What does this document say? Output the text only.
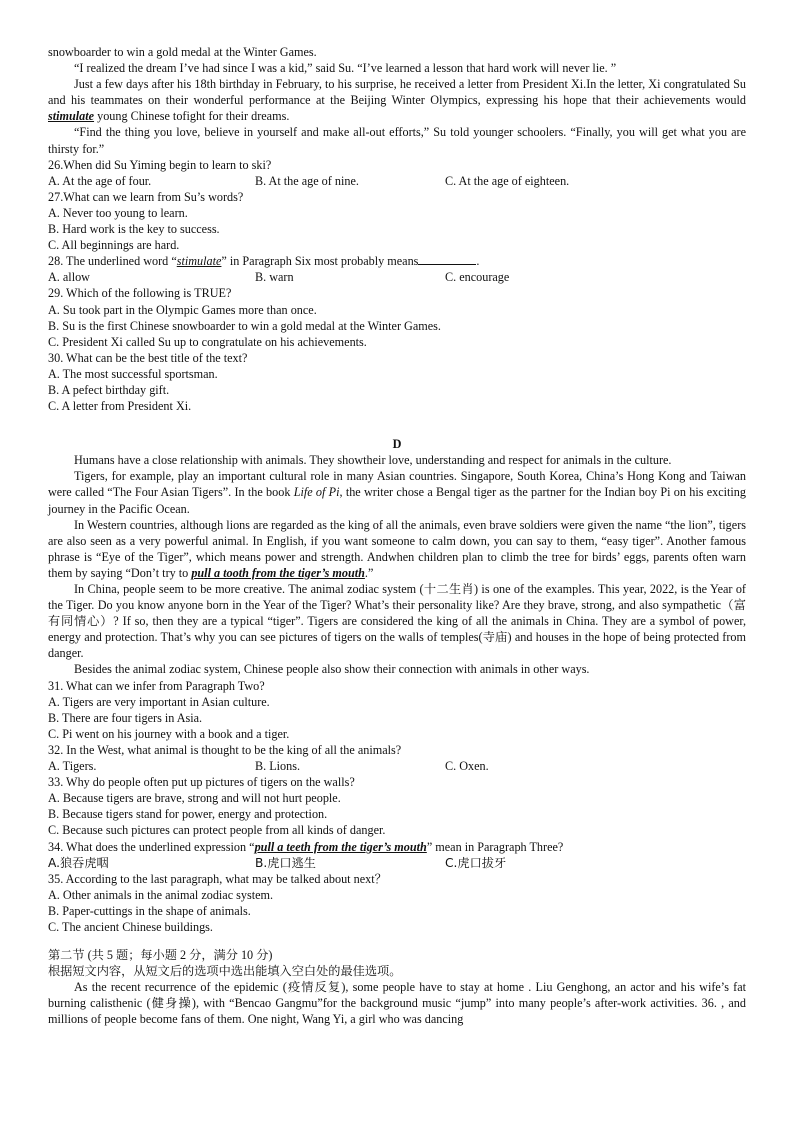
snowboarder to win a gold medal at the Winter Games.

“I realized the dream I’ve had since I was a kid,” said Su. “I’ve learned a lesson that hard work will never lie. ”

Just a few days after his 18th birthday in February, to his surprise, he received a letter from President Xi.In the letter, Xi congratulated Su and his teammates on their wonderful performance at the Beijing Winter Olympics, expressing his hope that their achievements would stimulate young Chinese tofight for their dreams.

“Find the thing you love, believe in yourself and make all-out efforts,” Su told younger schoolers. “Finally, you will get what you are thirsty for.”

26.When did Su Yiming begin to learn to ski?

A. At the age of four.	B. At the age of nine.	C. At the age of eighteen.

27.What can we learn from Su’s words?

A. Never too young to learn.

B. Hard work is the key to success.

C. All beginnings are hard.

28. The underlined word “stimulate” in Paragraph Six most probably means	.

A. allow	B. warn	C. encourage

29. Which of the following is TRUE?

A. Su took part in the Olympic Games more than once.

B. Su is the first Chinese snowboarder to win a gold medal at the Winter Games.

C. President Xi called Su up to congratulate on his achievements.

30. What can be the best title of the text?

A. The most successful sportsman.

B. A pefect birthday gift.

C. A letter from President Xi.

D

Humans have a close relationship with animals. They showtheir love, understanding and respect for animals in the culture.

Tigers, for example, play an important cultural role in many Asian countries. Singapore, South Korea, China’s Hong Kong and Taiwan were called “The Four Asian Tigers”. In the book Life of Pi, the writer chose a Bengal tiger as the partner for the Indian boy Pi on his exciting journey in the Pacific Ocean.

In Western countries, although lions are regarded as the king of all the animals, even brave soldiers were given the name “the lion”, tigers are also seen as a very powerful animal. In English, if you want someone to calm down, you can say to them, “easy tiger”. Another famous phrase is “Eye of the Tiger”, which means power and strength. Andwhen children plan to climb the tree for birds’ eggs, parents often warn them by saying “Don’t try to pull a tooth from the tiger’s mouth.”

In China, people seem to be more creative. The animal zodiac system (十二生肖) is one of the examples. This year, 2022, is the Year of the Tiger. Do you know anyone born in the Year of the Tiger? What’s their personality like? Are they brave, strong, and also sympathetic（富有同情心）? If so, then they are a typical “tiger”. Tigers are considered the king of all the animals in China. They are a symbol of power, energy and protection. That’s why you can see pictures of tigers on the walls of temples(寺庙) and houses in the hope of being protected from danger.

Besides the animal zodiac system, Chinese people also show their connection with animals in other ways.

31. What can we infer from Paragraph Two?

A. Tigers are very important in Asian culture.

B. There are four tigers in Asia.

C. Pi went on his journey with a book and a tiger.

32. In the West, what animal is thought to be the king of all the animals?

A. Tigers.	B. Lions.	C. Oxen.

33. Why do people often put up pictures of tigers on the walls?

A. Because tigers are brave, strong and will not hurt people.

B. Because tigers stand for power, energy and protection.

C. Because such pictures can protect people from all kinds of danger.

34. What does the underlined expression “pull a teeth from the tiger’s mouth” mean in Paragraph Three?

A.狼吞虎咽	B.虎口逃生	C.虎口拔牙

35. According to the last paragraph, what may be talked about next？

A. Other animals in the animal zodiac system.

B. Paper-cuttings in the shape of animals.

C. The ancient Chinese buildings.

第二节 (共 5 题；每小题 2 分，满分 10 分)

根据短文内容，从短文后的选项中选出能填入空白处的最佳选项。

As the recent recurrence of the epidemic (疫情反复), some people have to stay at home . Liu Genghong, an actor and his wife’s fat burning calisthenic (健身操), with “Bencao Gangmu”for the background music “jump” into many people’s after-work activities. 36. , and millions of people become fans of them. One night, Wang Yi, a girl who was dancing
